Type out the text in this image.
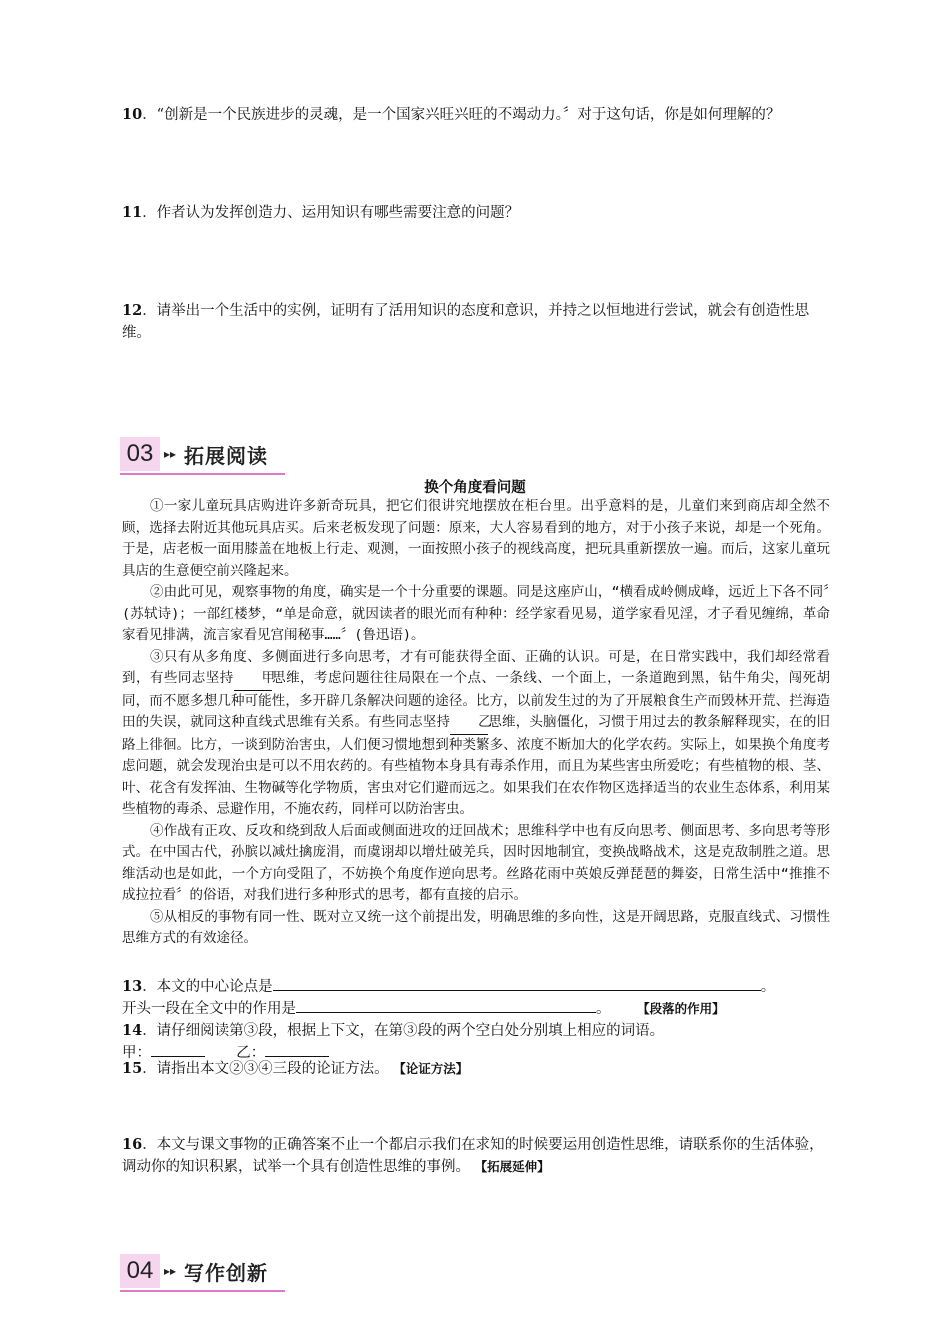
10．“创新是一个民族进步的灵魂，是一个国家兴旺兴旺的不竭动力。〞对于这句话，你是如何理解的？
11．作者认为发挥创造力、运用知识有哪些需要注意的问题？
12．请举出一个生活中的实例，证明有了活用知识的态度和意识，并持之以恒地进行尝试，就会有创造性思维。
03 ▸▸ 拓展阅读
换个角度看问题

①一家儿童玩具店购进许多新奇玩具，把它们很讲究地摆放在柜台里。出乎意料的是，儿童们来到商店却全然不顾，选择去附近其他玩具店买。后来老板发现了问题：原来，大人容易看到的地方，对于小孩子来说，却是一个死角。于是，店老板一面用膝盖在地板上行走、观测，一面按照小孩子的视线高度，把玩具重新摆放一遍。而后，这家儿童玩具店的生意便空前兴隆起来。

②由此可见，观察事物的角度，确实是一个十分重要的课题。同是这座庐山，“横看成岭侧成峰，远近上下各不同〞(苏轼诗)；一部红楼梦，“单是命意，就因读者的眼光而有种种：经学家看见易，道学家看见淫，才子看见缠绵，革命家看见排满，流言家看见宫闱秘事……〞(鲁迅语)。

③只有从多角度、多侧面进行多向思考，才有可能获得全面、正确的认识。可是，在日常实践中，我们却经常看到，有些同志坚持 甲思维，考虑问题往往局限在一个点、一条线、一个面上，一条道跑到黑，钻牛角尖，闯死胡同，而不愿多想几种可能性，多开辟几条解决问题的途径。比方，以前发生过的为了开展粮食生产而毁林开荒、拦海造田的失误，就同这种直线式思维有关系。有些同志坚持 乙思维，头脑僵化，习惯于用过去的教条解释现实，在的旧路上徘徊。比方，一谈到防治害虫，人们便习惯地想到种类繁多、浓度不断加大的化学农药。实际上，如果换个角度考虑问题，就会发现治虫是可以不用农药的。有些植物本身具有毒杀作用，而且为某些害虫所爱吃；有些植物的根、茎、叶、花含有发挥油、生物碱等化学物质，害虫对它们避而远之。如果我们在农作物区选择适当的农业生态体系，利用某些植物的毒杀、忌避作用，不施农药，同样可以防治害虫。

④作战有正攻、反攻和绕到敌人后面或侧面进攻的迂回战术；思维科学中也有反向思考、侧面思考、多向思考等形式。在中国古代，孙膑以减灶擒庞涓，而虞诩却以增灶破羌兵，因时因地制宜，变换战略战术，这是克敌制胜之道。思维活动也是如此，一个方向受阻了，不妨换个角度作逆向思考。丝路花雨中英娘反弹琵琶的舞姿，日常生活中“推推不成拉拉看〞的俗语，对我们进行多种形式的思考，都有直接的启示。

⑤从相反的事物有同一性、既对立又统一这个前提出发，明确思维的多向性，这是开阔思路，克服直线式、习惯性思维方式的有效途径。

13．本文的中心论点是	。
开头一段在全文中的作用是	。 【段落的作用】
14．请仔细阅读第③段，根据上下文，在第③段的两个空白处分别填上相应的词语。
甲：	乙：
15．请指出本文②③④三段的论证方法。 【论证方法】
16．本文与课文事物的正确答案不止一个都启示我们在求知的时候要运用创造性思维，请联系你的生活体验，调动你的知识积累，试举一个具有创造性思维的事例。 【拓展延伸】
04 ▸▸ 写作创新
